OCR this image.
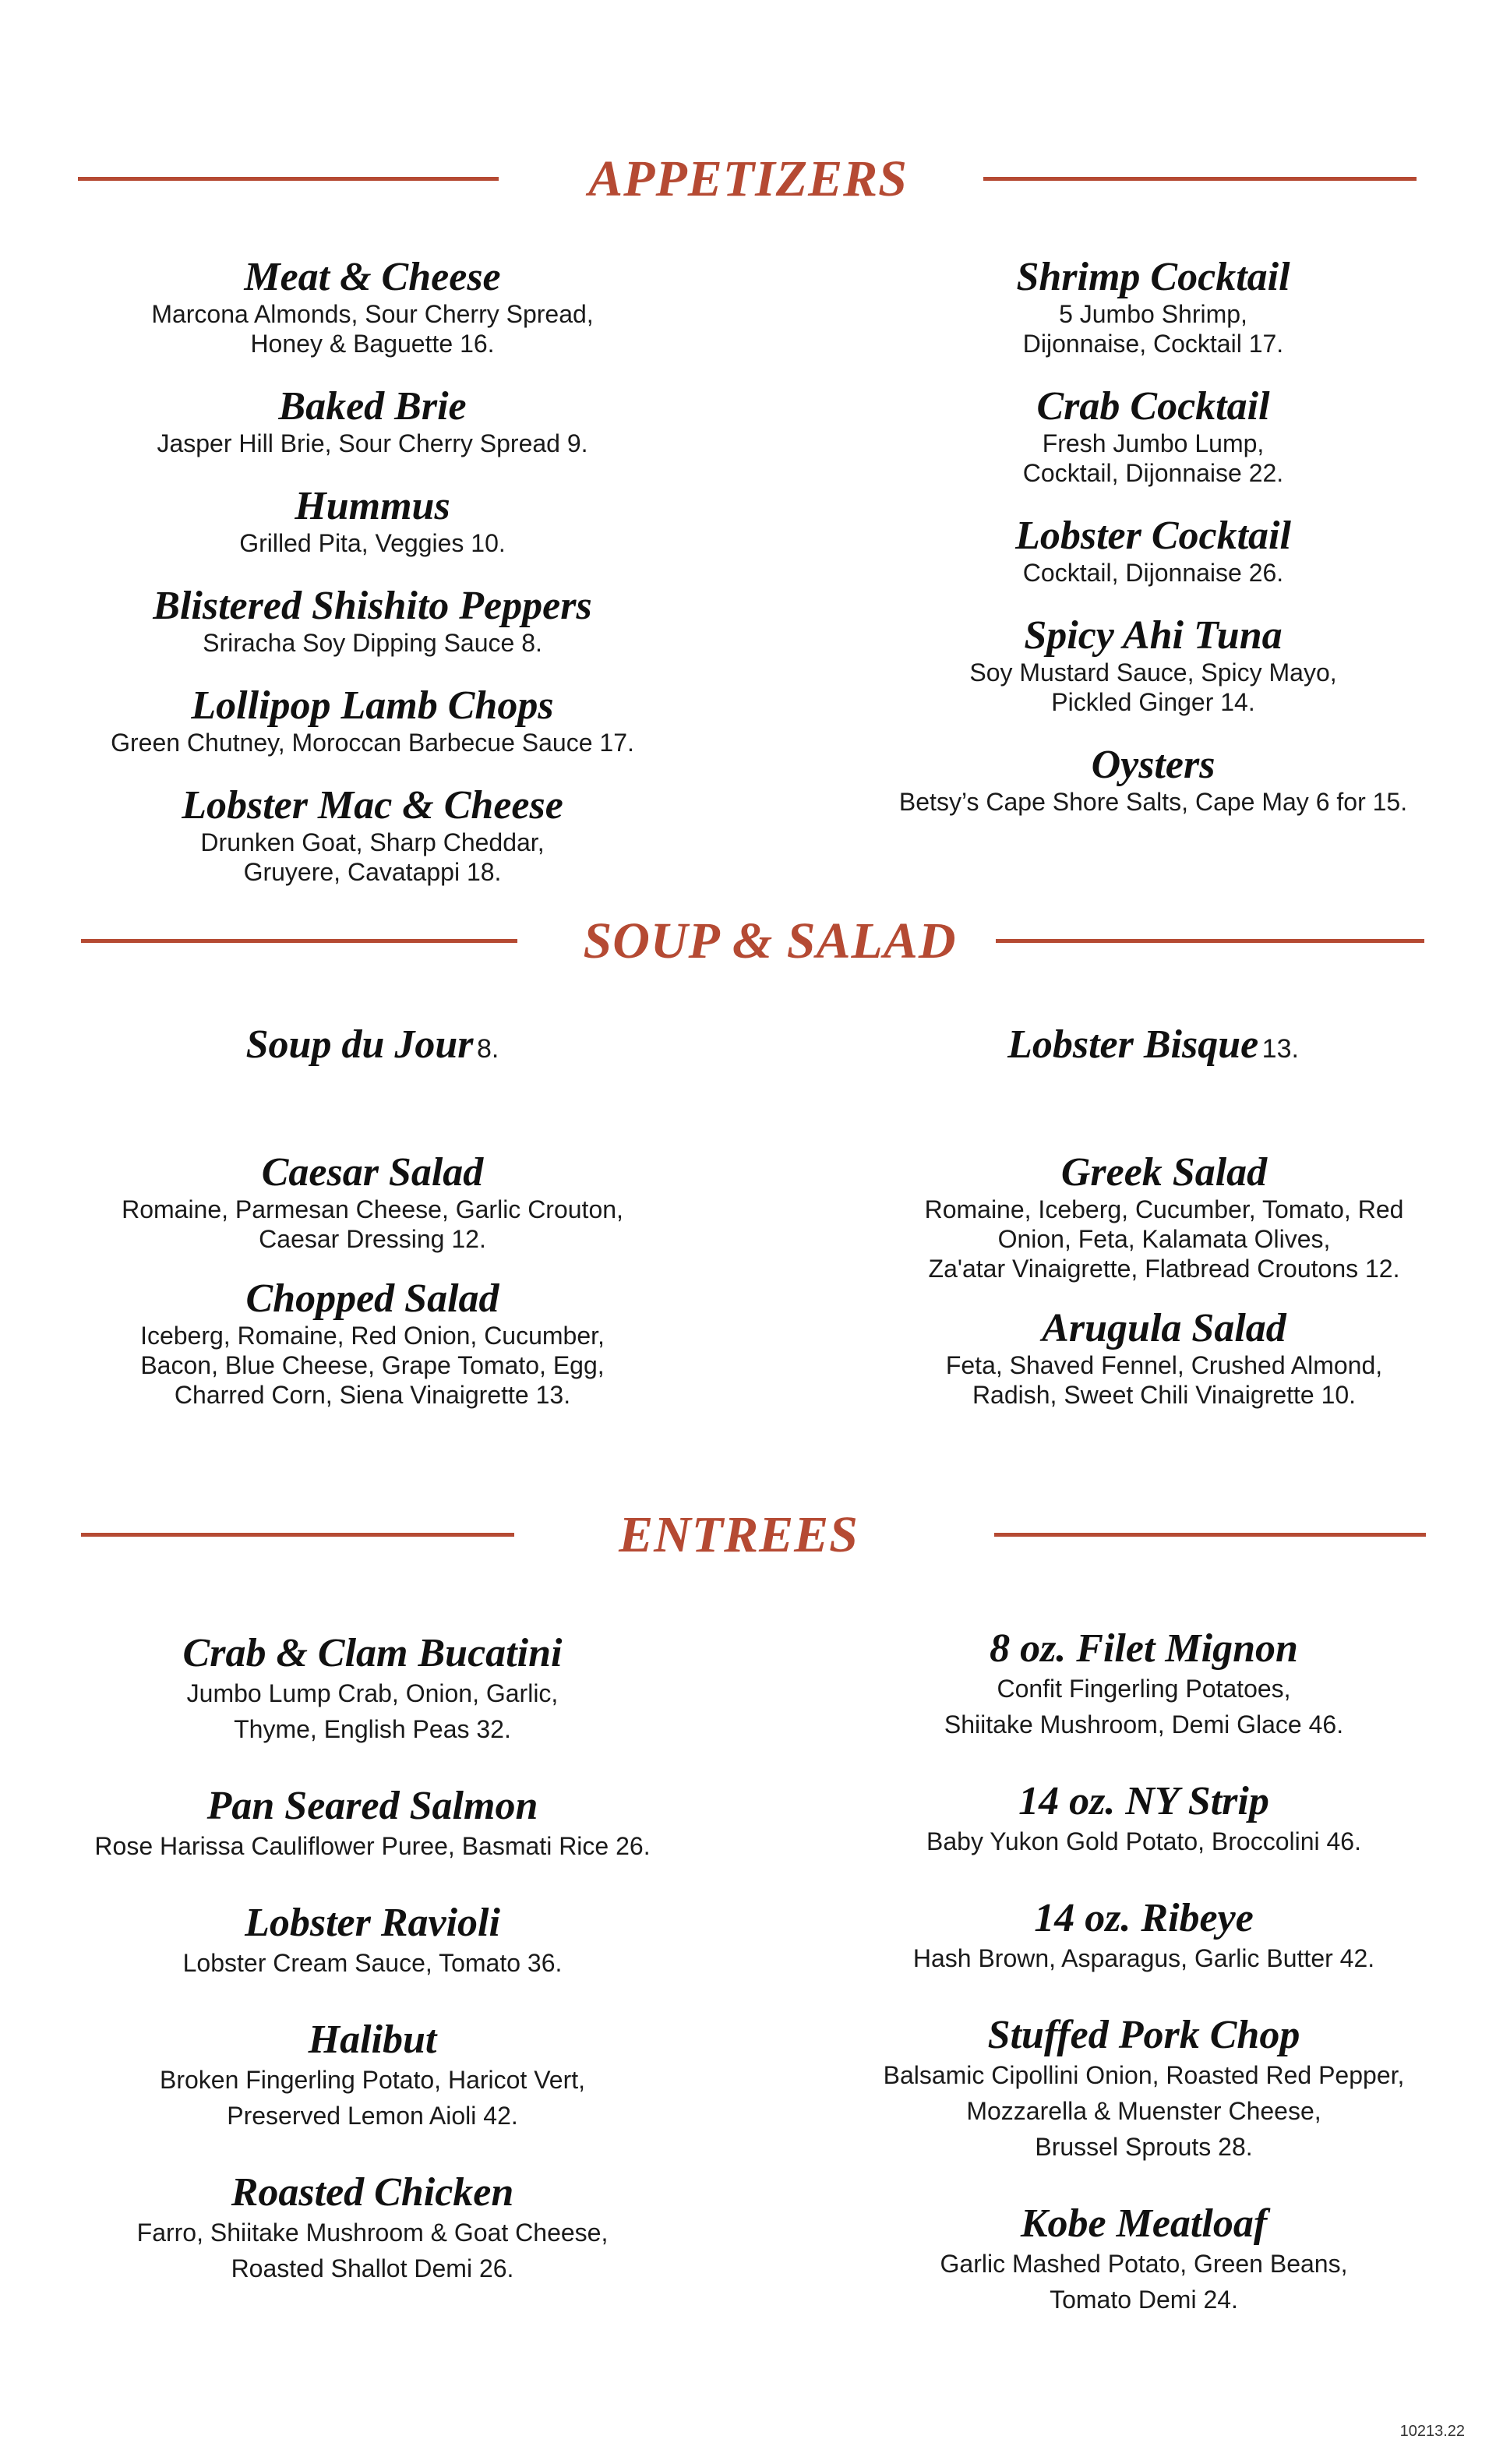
APPETIZERS
Meat & Cheese
Marcona Almonds, Sour Cherry Spread,
Honey & Baguette 16.
Baked Brie
Jasper Hill Brie, Sour Cherry Spread 9.
Hummus
Grilled Pita, Veggies 10.
Blistered Shishito Peppers
Sriracha Soy Dipping Sauce 8.
Lollipop Lamb Chops
Green Chutney, Moroccan Barbecue Sauce 17.
Lobster Mac & Cheese
Drunken Goat, Sharp Cheddar,
Gruyere, Cavatappi 18.
Shrimp Cocktail
5 Jumbo Shrimp,
Dijonnaise, Cocktail 17.
Crab Cocktail
Fresh Jumbo Lump,
Cocktail, Dijonnaise 22.
Lobster Cocktail
Cocktail, Dijonnaise 26.
Spicy Ahi Tuna
Soy Mustard Sauce, Spicy Mayo,
Pickled Ginger 14.
Oysters
Betsy’s Cape Shore Salts, Cape May 6 for 15.
SOUP & SALAD
Soup du Jour 8.	Lobster Bisque 13.
Caesar Salad
Romaine, Parmesan Cheese, Garlic Crouton,
Caesar Dressing 12.
Chopped Salad
Iceberg, Romaine, Red Onion, Cucumber,
Bacon, Blue Cheese, Grape Tomato, Egg,
Charred Corn, Siena Vinaigrette 13.
Greek Salad
Romaine, Iceberg, Cucumber, Tomato, Red
Onion, Feta, Kalamata Olives,
Za'atar Vinaigrette, Flatbread Croutons 12.
Arugula Salad
Feta, Shaved Fennel, Crushed Almond,
Radish, Sweet Chili Vinaigrette 10.
ENTREES
Crab & Clam Bucatini
Jumbo Lump Crab, Onion, Garlic,
Thyme, English Peas 32.
Pan Seared Salmon
Rose Harissa Cauliflower Puree, Basmati Rice 26.
Lobster Ravioli
Lobster Cream Sauce, Tomato 36.
Halibut
Broken Fingerling Potato, Haricot Vert,
Preserved Lemon Aioli 42.
Roasted Chicken
Farro, Shiitake Mushroom & Goat Cheese,
Roasted Shallot Demi 26.
8 oz. Filet Mignon
Confit Fingerling Potatoes,
Shiitake Mushroom, Demi Glace 46.
14 oz. NY Strip
Baby Yukon Gold Potato, Broccolini 46.
14 oz. Ribeye
Hash Brown, Asparagus, Garlic Butter 42.
Stuffed Pork Chop
Balsamic Cipollini Onion, Roasted Red Pepper,
Mozzarella & Muenster Cheese,
Brussel Sprouts 28.
Kobe Meatloaf
Garlic Mashed Potato, Green Beans,
Tomato Demi 24.
10213.22
